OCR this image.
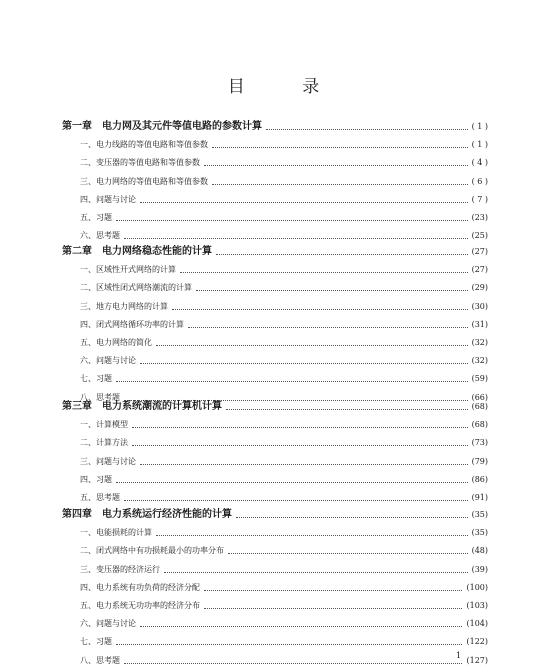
目 录
第一章　电力网及其元件等值电路的参数计算	( 1 )
一、电力线路的等值电路和等值参数	( 1 )
二、变压器的等值电路和等值参数	( 4 )
三、电力网络的等值电路和等值参数	( 6 )
四、问题与讨论	( 7 )
五、习题	(23)
六、思考题	(25)
第二章　电力网络稳态性能的计算	(27)
一、区域性开式网络的计算	(27)
二、区域性闭式网络潮流的计算	(29)
三、地方电力网络的计算	(30)
四、闭式网络循环功率的计算	(31)
五、电力网络的简化	(32)
六、问题与讨论	(32)
七、习题	(59)
八、思考题	(66)
第三章　电力系统潮流的计算机计算	(68)
一、计算模型	(68)
二、计算方法	(73)
三、问题与讨论	(79)
四、习题	(86)
五、思考题	(91)
第四章　电力系统运行经济性能的计算	(35)
一、电能损耗的计算	(35)
二、闭式网络中有功损耗最小的功率分布	(48)
三、变压器的经济运行	(39)
四、电力系统有功负荷的经济分配	(100)
五、电力系统无功功率的经济分布	(103)
六、问题与讨论	(104)
七、习题	(122)
八、思考题	(127)
1
